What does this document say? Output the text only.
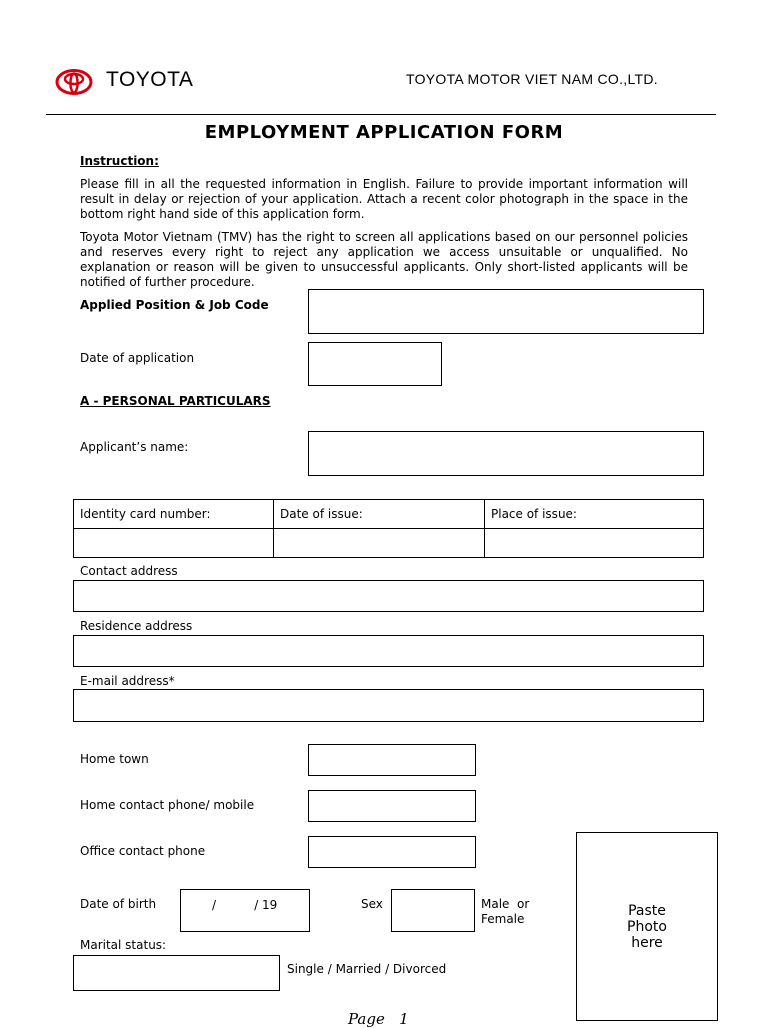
TOYOTA	TOYOTA MOTOR VIET NAM CO.,LTD.
EMPLOYMENT APPLICATION FORM
Instruction:
Please fill in all the requested information in English. Failure to provide important information will result in delay or rejection of your application. Attach a recent color photograph in the space in the bottom right hand side of this application form.
Toyota Motor Vietnam (TMV) has the right to screen all applications based on our personnel policies and reserves every right to reject any application we access unsuitable or unqualified. No explanation or reason will be given to unsuccessful applicants. Only short-listed applicants will be notified of further procedure.
Applied Position & Job Code
Date of application
A - PERSONAL PARTICULARS
Applicant’s name:
Identity card number:	Date of issue:	Place of issue:

Contact address
Residence address
E-mail address*
Home town
Home contact phone/ mobile
Office contact phone
Paste
Photo
here
Date of birth	/          / 19	Sex	Male  or
Female
Marital status:
Single / Married / Divorced
Page   1
